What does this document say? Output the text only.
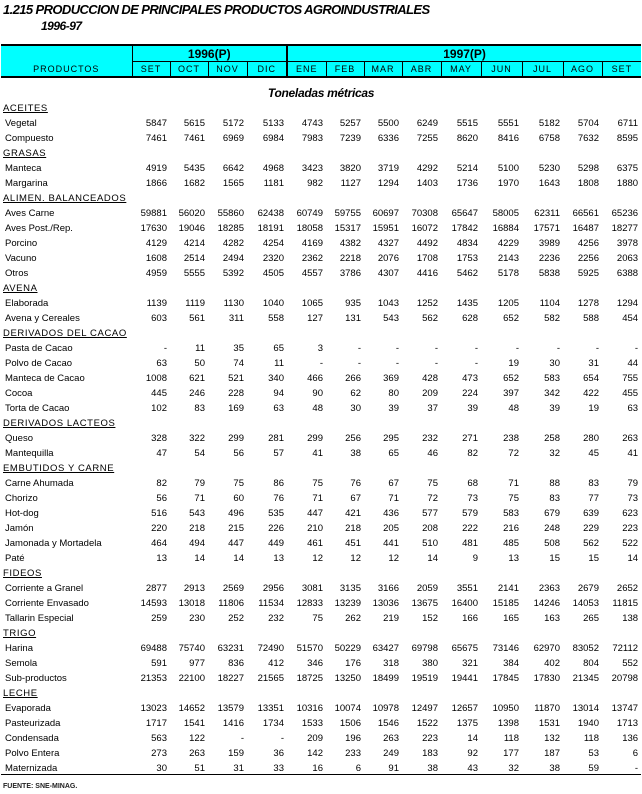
1.215 PRODUCCION DE PRINCIPALES PRODUCTOS AGROINDUSTRIALES
1996-97
PRODUCTOS	1996(P)				1997(P)								
	SET	OCT	NOV	DIC	ENE	FEB	MAR	ABR	MAY	JUN	JUL	AGO	SET
Toneladas métricas
ACEITES													
Vegetal	5847	5615	5172	5133	4743	5257	5500	6249	5515	5551	5182	5704	6711
Compuesto	7461	7461	6969	6984	7983	7239	6336	7255	8620	8416	6758	7632	8595
GRASAS													
Manteca	4919	5435	6642	4968	3423	3820	3719	4292	5214	5100	5230	5298	6375
Margarina	1866	1682	1565	1181	982	1127	1294	1403	1736	1970	1643	1808	1880
ALIMEN. BALANCEADOS													
Aves Carne	59881	56020	55860	62438	60749	59755	60697	70308	65647	58005	62311	66561	65236
Aves Post./Rep.	17630	19046	18285	18191	18058	15317	15951	16072	17842	16884	17571	16487	18277
Porcino	4129	4214	4282	4254	4169	4382	4327	4492	4834	4229	3989	4256	3978
Vacuno	1608	2514	2494	2320	2362	2218	2076	1708	1753	2143	2236	2256	2063
Otros	4959	5555	5392	4505	4557	3786	4307	4416	5462	5178	5838	5925	6388
AVENA													
Elaborada	1139	1119	1130	1040	1065	935	1043	1252	1435	1205	1104	1278	1294
Avena y Cereales	603	561	311	558	127	131	543	562	628	652	582	588	454
DERIVADOS DEL CACAO													
Pasta de Cacao	-	11	35	65	3	-	-	-	-	-	-	-	-
Polvo de Cacao	63	50	74	11	-	-	-	-	-	19	30	31	44
Manteca de Cacao	1008	621	521	340	466	266	369	428	473	652	583	654	755
Cocoa	445	246	228	94	90	62	80	209	224	397	342	422	455
Torta de Cacao	102	83	169	63	48	30	39	37	39	48	39	19	63
DERIVADOS LACTEOS													
Queso	328	322	299	281	299	256	295	232	271	238	258	280	263
Mantequilla	47	54	56	57	41	38	65	46	82	72	32	45	41
EMBUTIDOS Y CARNE													
Carne Ahumada	82	79	75	86	75	76	67	75	68	71	88	83	79
Chorizo	56	71	60	76	71	67	71	72	73	75	83	77	73
Hot-dog	516	543	496	535	447	421	436	577	579	583	679	639	623
Jamón	220	218	215	226	210	218	205	208	222	216	248	229	223
Jamonada y Mortadela	464	494	447	449	461	451	441	510	481	485	508	562	522
Paté	13	14	14	13	12	12	12	14	9	13	15	15	14
FIDEOS													
Corriente a Granel	2877	2913	2569	2956	3081	3135	3166	2059	3551	2141	2363	2679	2652
Corriente Envasado	14593	13018	11806	11534	12833	13239	13036	13675	16400	15185	14246	14053	11815
Tallarin Especial	259	230	252	232	75	262	219	152	166	165	163	265	138
TRIGO													
Harina	69488	75740	63231	72490	51570	50229	63427	69798	65675	73146	62970	83052	72112
Semola	591	977	836	412	346	176	318	380	321	384	402	804	552
Sub-productos	21353	22100	18227	21565	18725	13250	18499	19519	19441	17845	17830	21345	20798
LECHE													
Evaporada	13023	14652	13579	13351	10316	10074	10978	12497	12657	10950	11870	13014	13747
Pasteurizada	1717	1541	1416	1734	1533	1506	1546	1522	1375	1398	1531	1940	1713
Condensada	563	122	-	-	209	196	263	223	14	118	132	118	136
Polvo Entera	273	263	159	36	142	233	249	183	92	177	187	53	6
Maternizada	30	51	31	33	16	6	91	38	43	32	38	59	-
FUENTE: SNE-MINAG.
